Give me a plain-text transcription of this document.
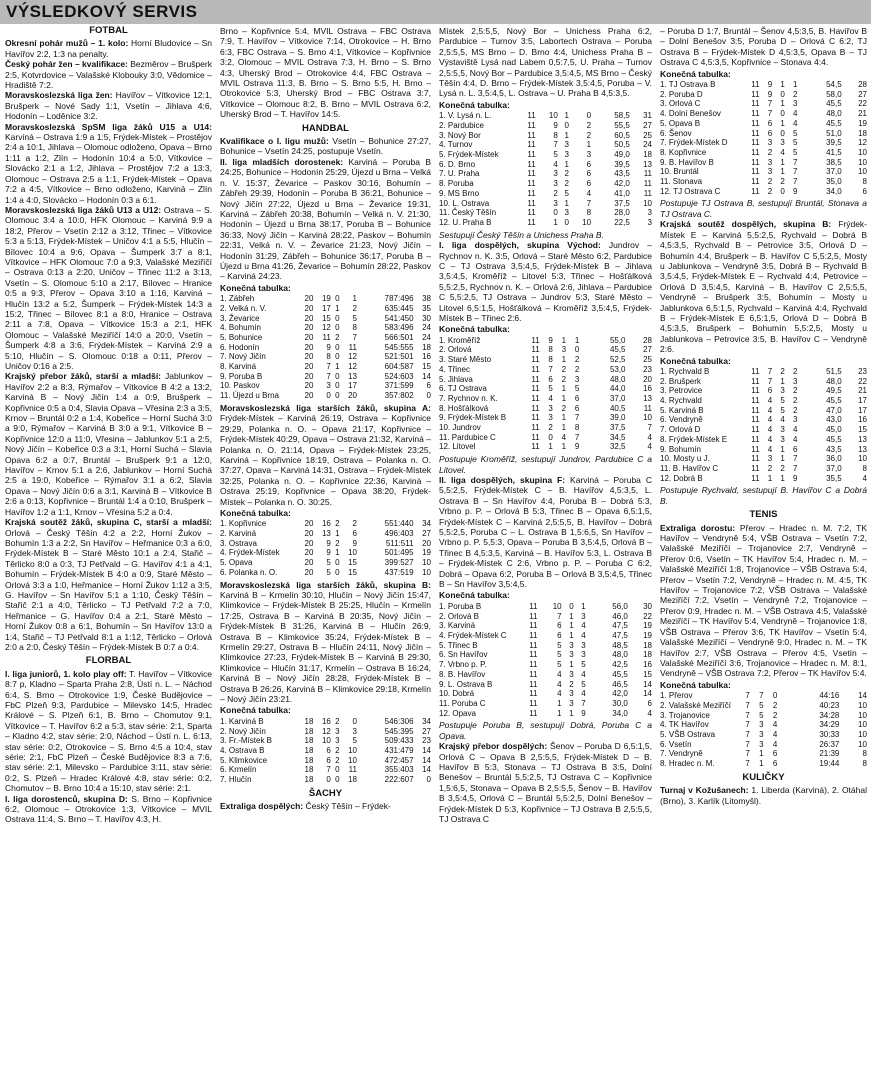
VÝSLEDKOVÝ SERVIS
FOTBAL

Okresní pohár mužů – 1. kolo: Horní Bludovice – Sn Havířov 2:2, 1:3 na penalty.

Český pohár žen – kvalifikace: Bezměrov – Brušperk 2:5, Kotvrdovice – Valašské Klobouky 3:0, Vědomice – Hradiště 7:2.

Moravskoslezská liga žen: Havířov – Vítkovice 12:1, Brušperk – Nové Sady 1:1, Vsetín – Jihlava 4:6, Hodonín – Loděnice 3:2.

Moravskoslezská SpSM liga žáků U15 a U14: Karviná – Ostrava 1:9 a 1:5, Frýdek-Místek – Prostějov 2:4 a 10:1, Jihlava – Olomouc odloženo, Opava – Brno 1:11 a 1:2, Zlín – Hodonín 10:4 a 5:0, Vítkovice – Slovácko 2:1 a 1:2, Jihlava – Prostějov 7:2 a 13:3, Olomouc – Ostrava 2:5 a 1:1, Frýdek-Místek – Opava 7:2 a 4:5, Vítkovice – Brno odloženo, Karviná – Zlín 1:4 a 4:0, Slovácko – Hodonín 0:3 a 6:1.

Moravskoslezská liga žáků U13 a U12: Ostrava – S. Olomouc 3:4 a 10:0, HFK Olomouc – Karviná 9:9 a 18:2, Přerov – Vsetín 2:12 a 3:12, Třinec – Vítkovice 5:3 a 5:13, Frýdek-Místek – Uničov 4:1 a 5:5, Hlučín – Bílovec 10:4 a 9:6, Opava – Šumperk 3:7 a 8:1, Vítkovice – HFK Olomouc 7:0 a 9:3, Valašské Meziříčí – Ostrava 0:13 a 2:20, Uničov – Třinec 11:2 a 3:13, Vsetín – S. Olomouc 5:10 a 2:17, Bílovec – Hranice 0:5 a 9:3, Přerov – Opava 3:10 a 1:16, Karviná – Hlučín 13:2 a 5:2, Šumperk – Frýdek-Místek 14:3 a 15:2, Třinec – Bílovec 8:1 a 8:0, Hranice – Ostrava 2:11 a 7:8, Opava – Vítkovice 15:3 a 2:1, HFK Olomouc – Valašské Meziříčí 14:0 a 20:0, Vsetín – Šumperk 4:8 a 3:6, Frýdek-Místek – Karviná 2:9 a 5:10, Hlučín – S. Olomouc 0:18 a 0:11, Přerov – Uničov 0:16 a 2:5.

Krajský přebor žáků, starší a mladší: Jablunkov – Havířov 2:2 a 8:3, Rýmařov – Vítkovice B 4:2 a 13:2, Karviná B – Nový Jičín 1:4 a 0:9, Brušperk – Kopřivnice 0:5 a 0:4, Slavia Opava – Vřesina 2:3 a 3:5, Krnov – Bruntál 0:2 a 1:4, Kobeřice – Horní Suchá 3:0 a 9:0, Rýmařov – Karviná B 3:0 a 9:1, Vítkovice B – Kopřivnice 12:0 a 11:0, Vřesina – Jablunkov 5:1 a 2:5, Nový Jičín – Kobeřice 0:3 a 3:1, Horní Suchá – Slavia Opava 6:2 a 0:7, Bruntál – Brušperk 9:1 a 12:0, Havířov – Krnov 5:1 a 2:6, Jablunkov – Horní Suchá 2:5 a 19:0, Kobeřice – Rýmařov 3:1 a 6:2, Slavia Opava – Nový Jičín 0:6 a 3:1, Karviná B – Vítkovice B 2:6 a 0:13, Kopřivnice – Bruntál 1:4 a 0:10, Brušperk – Havířov 1:2 a 1:1, Krnov – Vřesina 5:2 a 0:4.

Krajská soutěž žáků, skupina C, starší a mladší: Orlová – Český Těšín 4:2 a 2:2, Horní Žukov – Bohumín 1:3 a 2:2, Sn Havířov – Heřmanice 0:3 a 6:0, Frýdek-Místek B – Staré Město 10:1 a 2:4, Stařič – Těrlicko 8:0 a 0:3, TJ Petřvald – G. Havířov 4:1 a 4:1, Bohumín – Frýdek-Místek B 4:0 a 0:9, Staré Město – Orlová 3:3 a 1:0, Heřmanice – Horní Žukov 1:12 a 3:5, G. Havířov – Sn Havířov 5:1 a 1:10, Český Těšín – Stařič 2:1 a 4:0, Těrlicko – TJ Petřvald 7:2 a 7:0, Heřmanice – G. Havířov 0:4 a 2:1, Staré Město – Horní Žukov 0:8 a 6:1, Bohumín – Sn Havířov 13:0 a 1:4, Stařič – TJ Petřvald 8:1 a 1:12, Těrlicko – Orlová 2:0 a 2:0, Český Těšín – Frýdek-Místek B 0:7 a 0:4.

FLORBAL

I. liga juniorů, 1. kolo play off: T. Havířov – Vítkovice 8:7 p, Kladno – Sparta Praha 2:8, Ústí n. L. – Náchod 6:4, S. Brno – Otrokovice 1:9, České Budějovice – FbC Plzeň 9:3, Pardubice – Milevsko 14:5, Hradec Králové – S. Plzeň 6:1, B. Brno – Chomutov 9:1, Vítkovice – T. Havířov 6:2 a 5:3, stav série: 2:1, Sparta – Kladno 4:2, stav série: 2:0, Náchod – Ústí n. L. 6:13, stav série: 0:2, Otrokovice – S. Brno 4:5 a 10:4, stav série: 2:1, FbC Plzeň – České Budějovice 8:3 a 7:6, stav série: 2:1, Milevsko – Pardubice 3:11, stav série: 0:2, S. Plzeň – Hradec Králové 4:8, stav série: 0:2, Chomutov – B. Brno 10:4 a 15:10, stav série: 2:1.

I. liga dorostenců, skupina D: S. Brno – Kopřivnice 6:2, Olomouc – Otrokovice 1:3, Vítkovice – MVIL Ostrava 11:4, S. Brno – T. Havířov 4:3, H.

Brno – Kopřivnice 5:4, MVIL Ostrava – FBC Ostrava 7:9, T. Havířov – Vítkovice 7:14, Otrokovice – H. Brno 6:3, FBC Ostrava – S. Brno 4:1, Vítkovice – Kopřivnice 3:2, Olomouc – MVIL Ostrava 7:3, H. Brno – S. Brno 4:3, Uherský Brod – Otrokovice 4:4, FBC Ostrava – MVIL Ostrava 11:3, B. Brno – S. Brno 5:5, H. Brno – Otrokovice 5:3, Uherský Brod – FBC Ostrava 3:7, Vítkovice – Olomouc 8:2, B. Brno – MVIL Ostrava 6:2, Uherský Brod – T. Havířov 14:5.

HANDBAL

Kvalifikace o I. ligu mužů: Vsetín – Bohunice 27:27, Bohunice – Vsetín 24:25, postupuje Vsetín.

II. liga mladších dorostenek: Karviná – Poruba B 24:25, Bohunice – Hodonín 25:29, Újezd u Brna – Velká n. V. 15:37, Ževarice – Paskov 30:16, Bohumín – Zábřeh 29:39, Hodonín – Poruba B 36:21, Bohunice – Nový Jičín 27:22, Újezd u Brna – Ževarice 19:31, Karviná – Zábřeh 20:38, Bohumín – Velká n. V. 21:30, Hodonín – Újezd u Brna 38:17, Poruba B – Bohunice 36:33, Nový Jičín – Karviná 28:22, Paskov – Bohumín 22:31, Velká n. V. – Ževarice 21:23, Nový Jičín – Hodonín 31:29, Zábřeh – Bohunice 36:17, Poruba B – Újezd u Brna 41:26, Ževarice – Bohumín 28:22, Paskov – Karviná 24:23.

Konečná tabulka:
1. Zábřeh	20	19	0	1	787:496	38
2. Velká n. V.	20	17	1	2	635:445	35
3. Ževarice	20	15	0	5	541:450	30
4. Bohumín	20	12	0	8	583:496	24
5. Bohunice	20	11	2	7	566:501	24
6. Hodonín	20	9	0	11	545:555	18
7. Nový Jičín	20	8	0	12	521:501	16
8. Karviná	20	7	1	12	604:587	15
9. Poruba B	20	7	0	13	524:603	14
10. Paskov	20	3	0	17	371:599	6
11. Újezd u Brna	20	0	0	20	357:802	0

Moravskoslezská liga starších žáků, skupina A: Frýdek-Místek – Karviná 26:19, Ostrava – Kopřivnice 29:29, Polanka n. O. – Opava 21:17, Kopřivnice – Frýdek-Místek 40:29, Opava – Ostrava 21:32, Karviná – Polanka n. O. 21:14, Opava – Frýdek-Místek 23:25, Karviná – Kopřivnice 18:19, Ostrava – Polanka n. O. 37:27, Opava – Karviná 14:31, Ostrava – Frýdek-Místek 32:25, Polanka n. O. – Kopřivnice 22:36, Karviná – Ostrava 25:19, Kopřivnice – Opava 38:20, Frýdek-Místek – Polanka n. O. 30:25.

Konečná tabulka:
1. Kopřivnice	20	16	2	2	551:440	34
2. Karviná	20	13	1	6	496:403	27
3. Ostrava	20	9	2	9	511:511	20
4. Frýdek-Místek	20	9	1	10	501:495	19
5. Opava	20	5	0	15	399:527	10
6. Polanka n. O.	20	5	0	15	437:519	10

Moravskoslezská liga starších žáků, skupina B: Karviná B – Krmelín 30:10, Hlučín – Nový Jičín 15:47, Klimkovice – Frýdek-Místek B 25:25, Hlučín – Krmelín 17:25, Ostrava B – Karviná B 20:35, Nový Jičín – Frýdek-Místek B 31:26, Karviná B – Hlučín 26:9, Ostrava B – Klimkovice 35:24, Frýdek-Místek B – Krmelín 29:27, Ostrava B – Hlučín 24:11, Nový Jičín – Klimkovice 27:23, Frýdek-Místek B – Karviná B 29:30, Klimkovice – Hlučín 31:17, Krmelín – Ostrava B 16:24, Karviná B – Nový Jičín 28:28, Frýdek-Místek B – Ostrava B 26:26, Karviná B – Klimkovice 29:18, Krmelín – Nový Jičín 23:21.

Konečná tabulka:
1. Karviná B	18	16	2	0	546:306	34
2. Nový Jičín	18	12	3	3	545:395	27
3. Fr.-Místek B	18	10	3	5	509:433	23
4. Ostrava B	18	6	2	10	431:479	14
5. Klimkovice	18	6	2	10	472:457	14
6. Krmelín	18	7	0	11	355:403	14
7. Hlučín	18	0	0	18	222:607	0
ŠACHY

Extraliga dospělých: Český Těšín – Frýdek-

Místek 2,5:5,5, Nový Bor – Unichess Praha 6:2, Pardubice – Turnov 3:5, Labortech Ostrava – Poruba 2,5:5,5, MS Brno – D. Brno 4:4, Unichess Praha B – Výstaviště Lysá nad Labem 0,5:7,5, U. Praha – Turnov 2,5:5,5, Nový Bor – Pardubice 3,5:4,5, MS Brno – Český Těšín 4:4, D. Brno – Frýdek-Místek 3,5:4,5, Poruba – V. Lysá n. L. 3,5:4,5, L. Ostrava – U. Praha B 4,5:3,5.

Konečná tabulka:
1. V. Lysá n. L.	11	10	1	0	58,5	31
2. Pardubice	11	9	0	2	55,5	27
3. Nový Bor	11	8	1	2	60,5	25
4. Turnov	11	7	3	1	50,5	24
5. Frýdek-Místek	11	5	3	3	49,0	18
6. D. Brno	11	4	1	6	39,5	13
7. U. Praha	11	3	2	6	43,5	11
8. Poruba	11	3	2	6	42,0	11
9. MS Brno	11	2	5	4	41,0	11
10. L. Ostrava	11	3	1	7	37,5	10
11. Český Těšín	11	0	3	8	28,0	3
12. U. Praha B	11	1	0	10	22,5	3

Sestupují Český Těšín a Unichess Praha B.

I. liga dospělých, skupina Východ: Jundrov – Rychnov n. K. 3:5, Orlová – Staré Město 6:2, Pardubice C – TJ Ostrava 3,5:4,5, Frýdek-Místek B – Jihlava 3,5:4,5, Kroměříž – Litovel 5:3, Třinec – Hošťálková 5,5:2,5, Rychnov n. K. – Orlová 2:6, Jihlava – Pardubice C 5,5:2,5, TJ Ostrava – Jundrov 5:3, Staré Město – Litovel 6,5:1,5, Hošťálková – Kroměříž 3,5:4,5, Frýdek-Místek B – Třinec 2:6.

Konečná tabulka:
1. Kroměříž	11	9	1	1	55,0	28
2. Orlová	11	8	3	0	45,5	27
3. Staré Město	11	8	1	2	52,5	25
4. Třinec	11	7	2	2	53,0	23
5. Jihlava	11	6	2	3	48,0	20
6. TJ Ostrava	11	5	1	5	44,0	16
7. Rychnov n. K.	11	4	1	6	37,0	13
8. Hošťálková	11	3	2	6	40,5	11
9. Frýdek-Místek B	11	3	1	7	39,0	10
10. Jundrov	11	2	1	8	37,5	7
11. Pardubice C	11	0	4	7	34,5	4
12. Litovel	11	1	1	9	32,5	4

Postupuje Kroměříž, sestupují Jundrov, Pardubice C a Litovel.

II. liga dospělých, skupina F: Karviná – Poruba C 5,5:2,5, Frýdek-Místek C – B. Havířov 4,5:3,5, L. Ostrava B – Sn Havířov 4:4, Poruba B – Dobrá 5:3, Vrbno p. P. – Orlová B 5:3, Třinec B – Opava 6,5:1,5, Frýdek-Místek C – Karviná 2,5:5,5, B. Havířov – Dobrá 5,5:2,5, Poruba C – L. Ostrava B 1,5:6,5, Sn Havířov – Vrbno p. P. 5,5:3, Opava – Poruba B 3,5:4,5, Orlová B – Třinec B 4,5:3,5, Karviná – B. Havířov 5:3, L. Ostrava B – Frýdek-Místek C 2:6, Vrbno p. P. – Poruba C 6:2, Dobrá – Opava 6:2, Poruba B – Orlová B 3,5:4,5, Třinec B – Sn Havířov 3,5:4,5.

Konečná tabulka:
1. Poruba B	11	10	0	1	56,0	30
2. Orlová B	11	7	1	3	46,0	22
3. Karviná	11	6	1	4	47,5	19
4. Frýdek-Místek C	11	6	1	4	47,5	19
5. Třinec B	11	5	3	3	48,5	18
6. Sn Havířov	11	5	3	3	48,0	18
7. Vrbno p. P.	11	5	1	5	42,5	16
8. B. Havířov	11	4	3	4	45,5	15
9. L. Ostrava B	11	4	2	5	46,5	14
10. Dobrá	11	4	3	4	42,0	14
11. Poruba C	11	1	3	7	30,0	6
12. Opava	11	1	1	9	34,0	4

Postupuje Poruba B, sestupují Dobrá, Poruba C a Opava.

Krajský přebor dospělých: Šenov – Poruba D 6,5:1,5, Orlová C – Opava B 2,5:5,5, Frýdek-Místek D – B. Havířov B 5:3, Stonava – TJ Ostrava B 3:5, Dolní Benešov – Bruntál 5,5:2,5, TJ Ostrava C – Kopřivnice 1,5:6,5, Stonava – Opava B 2,5:5,5, Šenov – B. Havířov B 3,5:4,5, Orlová C – Bruntál 5,5:2,5, Dolní Benešov – Frýdek-Místek D 5:3, Kopřivnice – TJ Ostrava B 2,5:5,5, TJ Ostrava C

– Poruba D 1:7, Bruntál – Šenov 4,5:3,5, B. Havířov B – Dolní Benešov 3:5, Poruba D – Orlová C 6:2, TJ Ostrava B – Frýdek-Místek D 4,5:3,5, Opava B – TJ Ostrava C 4,5:3,5, Kopřivnice – Stonava 4:4.

Konečná tabulka:
1. TJ Ostrava B	11	9	1	1	54,5	28
2. Poruba D	11	9	0	2	58,0	27
3. Orlová C	11	7	1	3	45,5	22
4. Dolní Benešov	11	7	0	4	48,0	21
5. Opava B	11	6	1	4	45,5	19
6. Šenov	11	6	0	5	51,0	18
7. Frýdek-Místek D	11	3	3	5	39,5	12
8. Kopřivnice	11	2	4	5	41,5	10
9. B. Havířov B	11	3	1	7	38,5	10
10. Bruntál	11	3	1	7	37,0	10
11. Stonava	11	2	2	7	35,0	8
12. TJ Ostrava C	11	2	0	9	34,0	6

Postupuje TJ Ostrava B, sestupují Bruntál, Stonava a TJ Ostrava C.

Krajská soutěž dospělých, skupina B: Frýdek-Místek E – Karviná 5,5:2,5, Rychvald – Dobrá B 4,5:3,5, Rychvald B – Petrovice 3:5, Orlová D – Bohumín 4:4, Brušperk – B. Havířov C 5,5:2,5, Mosty u Jablunkova – Vendryně 3:5, Dobrá B – Rychvald B 3,5:4,5, Frýdek-Místek E – Rychvald 4:4, Petrovice – Orlová D 3,5:4,5, Karviná – B. Havířov C 2,5:5,5, Vendryně – Brušperk 3:5, Bohumín – Mosty u Jablunkova 6,5:1,5, Rychvald – Karviná 4:4, Rychvald B – Frýdek-Místek E 6,5:1,5, Orlová D – Dobrá B 4,5:3,5, Brušperk – Bohumín 5,5:2,5, Mosty u Jablunkova – Petrovice 3:5, B. Havířov C – Vendryně 2:6.

Konečná tabulka:
1. Rychvald B	11	7	2	2	51,5	23
2. Brušperk	11	7	1	3	48,0	22
3. Petrovice	11	6	3	2	49,5	21
4. Rychvald	11	4	5	2	45,5	17
5. Karviná B	11	4	5	2	47,0	17
6. Vendryně	11	4	4	3	43,0	16
7. Orlová D	11	4	3	4	45,0	15
8. Frýdek-Místek E	11	4	3	4	45,5	13
9. Bohumín	11	4	1	6	43,5	13
10. Mosty u J.	11	3	1	7	36,0	10
11. B. Havířov C	11	2	2	7	37,0	8
12. Dobrá B	11	1	1	9	35,5	4

Postupuje Rychvald, sestupují B. Havířov C a Dobrá B.

TENIS

Extraliga dorostu: Přerov – Hradec n. M. 7:2, TK Havířov – Vendryně 5:4, VŠB Ostrava – Vsetín 7:2, Valašské Meziříčí – Trojanovice 2:7, Vendryně – Přerov 0:6, Vsetín – TK Havířov 5:4, Hradec n. M. – Valašské Meziříčí 1:8, Trojanovice – VŠB Ostrava 5:4, Přerov – Vsetín 7:2, Vendryně – Hradec n. M. 4:5, TK Havířov – Trojanovice 7:2, VŠB Ostrava – Valašské Meziříčí 7:2, Vsetín – Vendryně 7:2, Trojanovice – Přerov 0:9, Hradec n. M. – VŠB Ostrava 4:5, Valašské Meziříčí – TK Havířov 5:4, Vendryně – Trojanovice 1:8, VŠB Ostrava – Přerov 3:6, TK Havířov – Vsetín 5:4, Valašské Meziříčí – Vendryně 9:0, Hradec n. M. – TK Havířov 2:7, VŠB Ostrava – Přerov 4:5, Vsetín – Valašské Meziříčí 3:6, Trojanovice – Hradec n. M. 8:1, Vendryně – VŠB Ostrava 7:2, Přerov – TK Havířov 5:4.

Konečná tabulka:
1. Přerov	7	7	0	44:16	14
2. Valašské Meziříčí	7	5	2	40:23	10
3. Trojanovice	7	5	2	34:28	10
4. TK Havířov	7	3	4	34:29	10
5. VŠB Ostrava	7	3	4	30:33	10
6. Vsetín	7	3	4	26:37	10
7. Vendryně	7	1	6	21:39	8
8. Hradec n. M.	7	1	6	19:44	8
KULIČKY

Turnaj v Kožušanech: 1. Liberda (Karviná), 2. Otáhal (Brno), 3. Karlík (Litomyšl).
